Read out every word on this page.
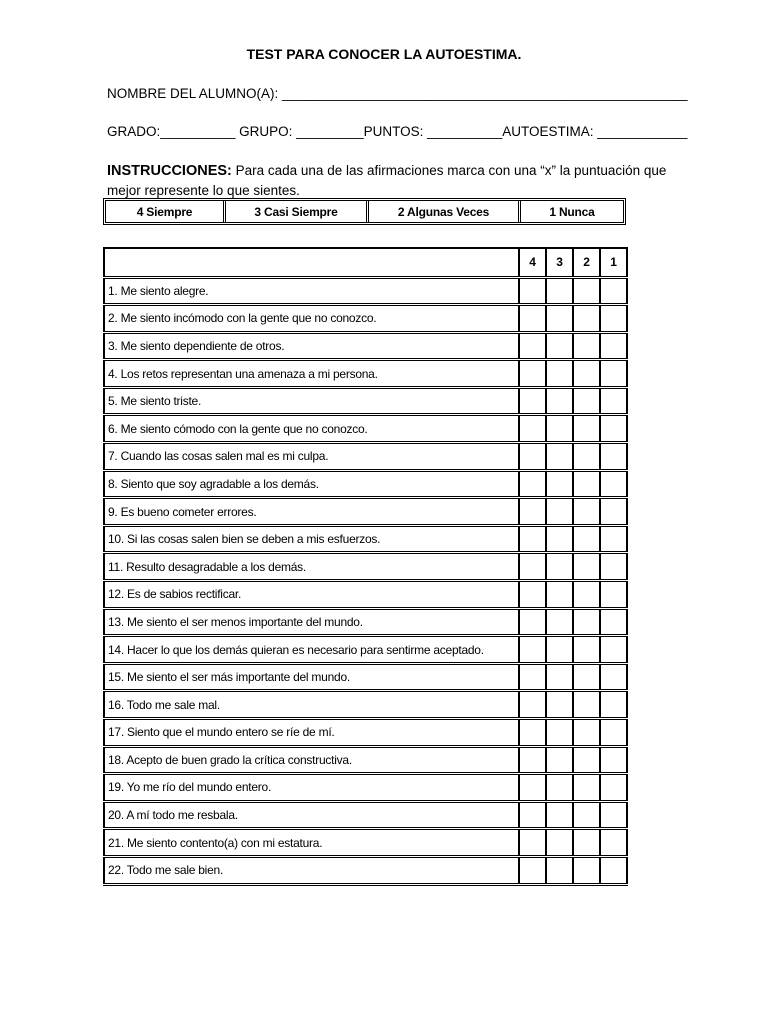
TEST PARA CONOCER LA AUTOESTIMA.
NOMBRE DEL ALUMNO(A): ______________________________________________________
GRADO:__________ GRUPO: _________PUNTOS: __________AUTOESTIMA: ____________
INSTRUCCIONES: Para cada una de las afirmaciones marca con una “x” la puntuación que mejor represente lo que sientes.
4 Siempre	3 Casi Siempre	2 Algunas Veces	1 Nunca
	4	3	2	1
1. Me siento alegre.				
2. Me siento incómodo con la gente que no conozco.				
3. Me siento dependiente de otros.				
4. Los retos representan una amenaza a mi persona.				
5. Me siento triste.				
6. Me siento cómodo con la gente que no conozco.				
7. Cuando las cosas salen mal es mi culpa.				
8. Siento que soy agradable a los demás.				
9. Es bueno cometer errores.				
10. Si las cosas salen bien se deben a mis esfuerzos.				
11. Resulto desagradable a los demás.				
12. Es de sabios rectificar.				
13. Me siento el ser menos importante del mundo.				
14. Hacer lo que los demás quieran es necesario para sentirme aceptado.				
15. Me siento el ser más importante del mundo.				
16. Todo me sale mal.				
17. Siento que el mundo entero se ríe de mí.				
18. Acepto de buen grado la crítica constructiva.				
19. Yo me río del mundo entero.				
20. A mí todo me resbala.				
21. Me siento contento(a) con mi estatura.				
22. Todo me sale bien.				
